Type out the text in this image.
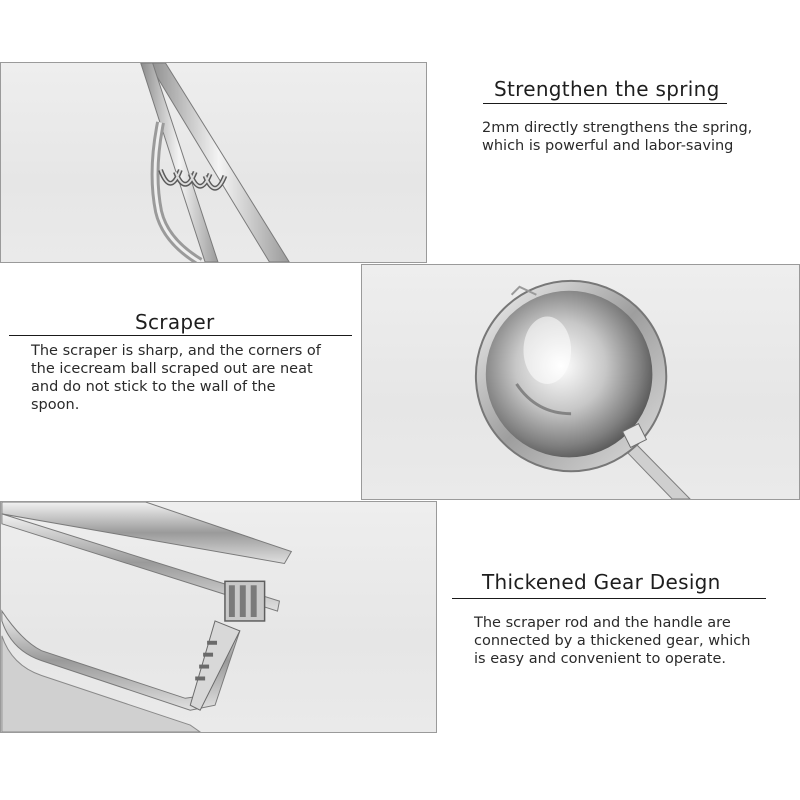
Strengthen the spring

2mm directly strengthens the spring, which is powerful and labor-saving

Scraper

The scraper is sharp, and the corners of the icecream ball scraped out are neat and do not stick to the wall of the spoon.

Thickened Gear Design

The scraper rod and the handle are connected by a thickened gear, which is easy and convenient to operate.
